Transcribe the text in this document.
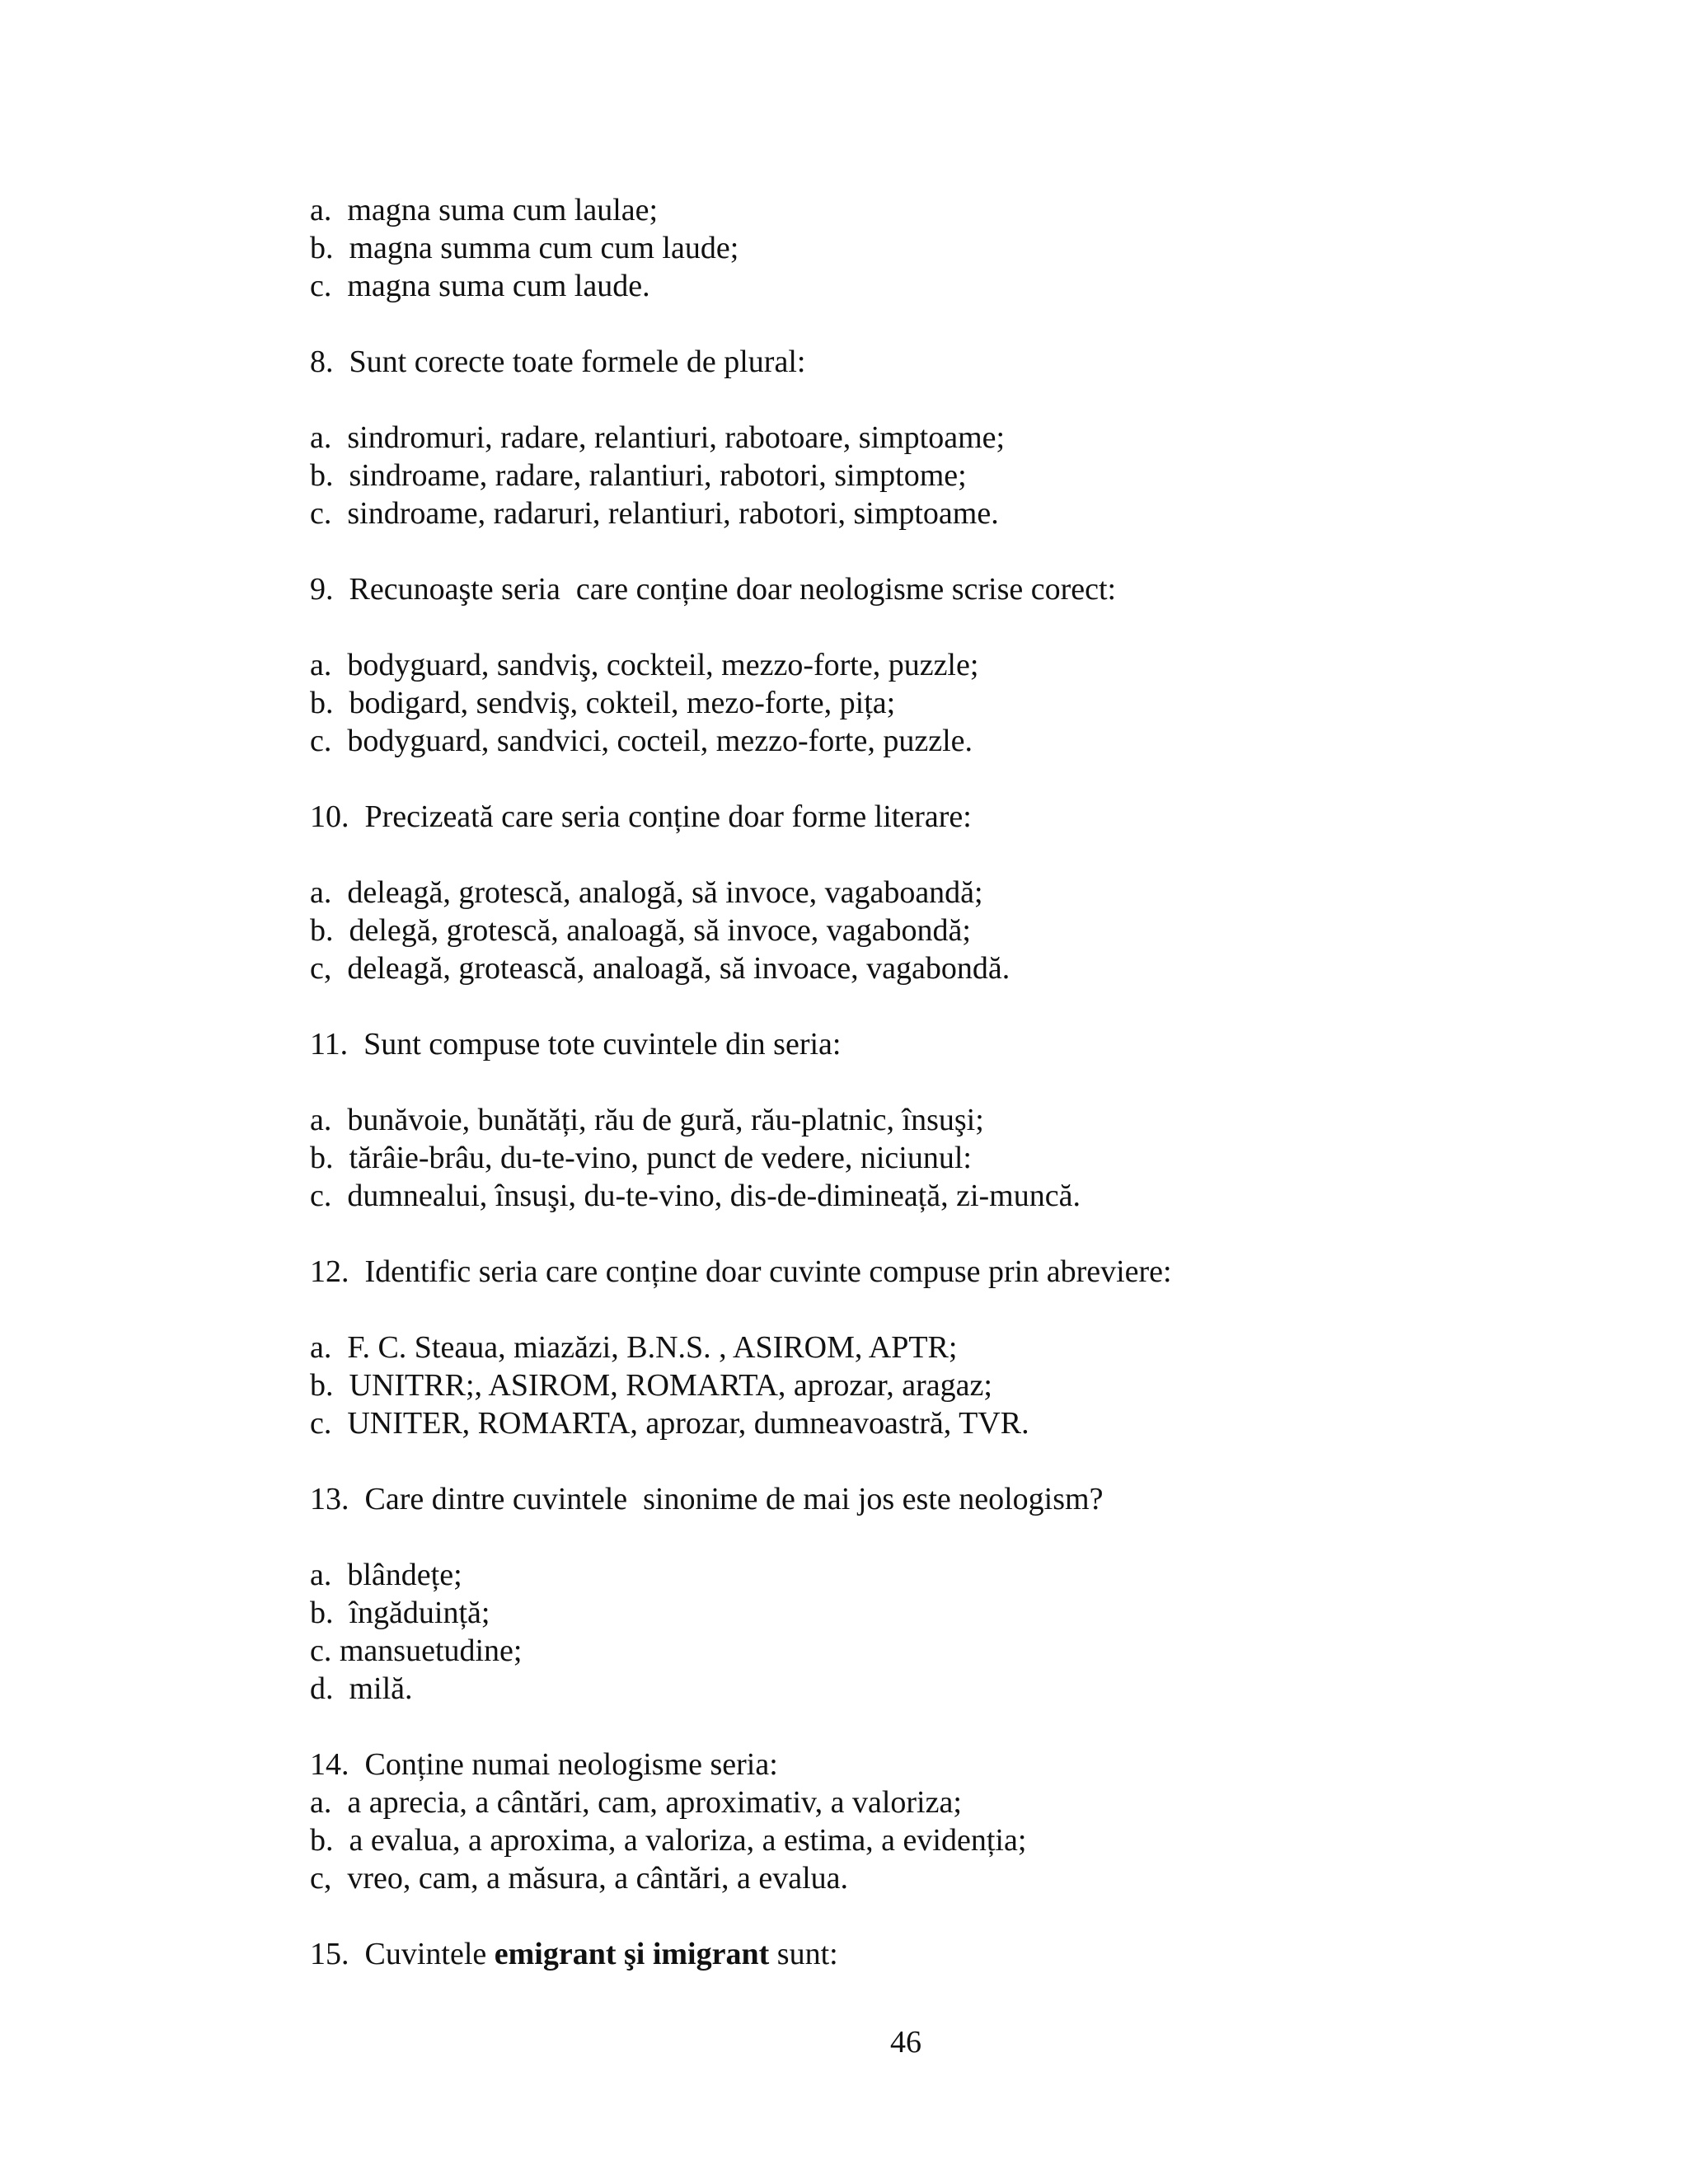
a.  magna suma cum laulae;
b.  magna summa cum cum laude;
c.  magna suma cum laude.
8.  Sunt corecte toate formele de plural:
a.  sindromuri, radare, relantiuri, rabotoare, simptoame;
b.  sindroame, radare, ralantiuri, rabotori, simptome;
c.  sindroame, radaruri, relantiuri, rabotori, simptoame.
9.  Recunoaşte seria  care conține doar neologisme scrise corect:
a.  bodyguard, sandviş, cockteil, mezzo-forte, puzzle;
b.  bodigard, sendviş, cokteil, mezo-forte, pița;
c.  bodyguard, sandvici, cocteil, mezzo-forte, puzzle.
10.  Precizeată care seria conține doar forme literare:
a.  deleagă, grotescă, analogă, să invoce, vagaboandă;
b.  delegă, grotescă, analoagă, să invoce, vagabondă;
c,  deleagă, grotească, analoagă, să invoace, vagabondă.
11.  Sunt compuse tote cuvintele din seria:
a.  bunăvoie, bunătăți, rău de gură, rău-platnic, însuşi;
b.  tărâie-brâu, du-te-vino, punct de vedere, niciunul:
c.  dumnealui, însuşi, du-te-vino, dis-de-dimineață, zi-muncă.
12.  Identific seria care conține doar cuvinte compuse prin abreviere:
a.  F. C. Steaua, miazăzi, B.N.S. , ASIROM, APTR;
b.  UNITRR;, ASIROM, ROMARTA, aprozar, aragaz;
c.  UNITER, ROMARTA, aprozar, dumneavoastră, TVR.
13.  Care dintre cuvintele  sinonime de mai jos este neologism?
a.  blândețe;
b.  îngăduință;
c. mansuetudine;
d.  milă.
14.  Conține numai neologisme seria:
a.  a aprecia, a cântări, cam, aproximativ, a valoriza;
b.  a evalua, a aproxima, a valoriza, a estima, a evidenția;
c,  vreo, cam, a măsura, a cântări, a evalua.
15.  Cuvintele emigrant şi imigrant sunt:
46
